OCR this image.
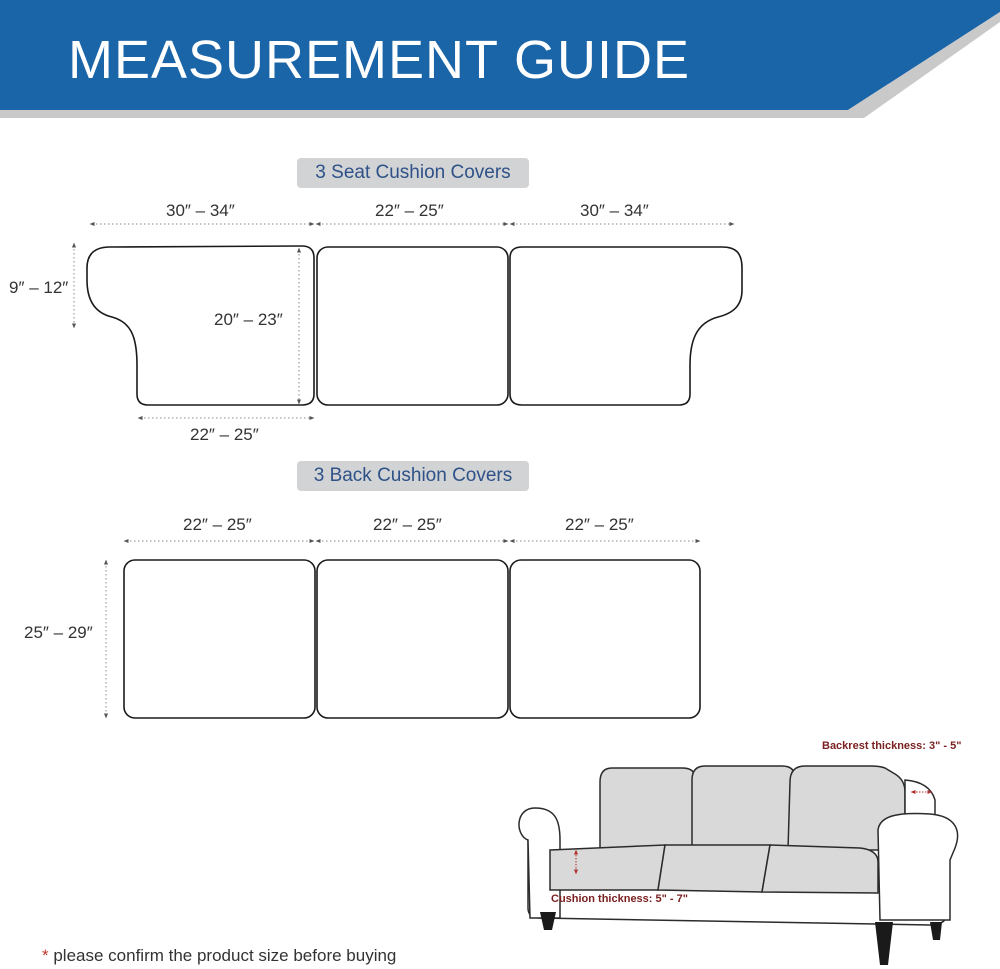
MEASUREMENT GUIDE
3 Seat Cushion Covers
3 Back Cushion Covers
30″ – 34″	22″ – 25″	30″ – 34″
9″ – 12″
20″ – 23″
22″ – 25″
22″ – 25″	22″ – 25″	22″ – 25″
25″ – 29″
Backrest thickness: 3" - 5"
Cushion thickness: 5" - 7"
* please confirm the product size before buying
